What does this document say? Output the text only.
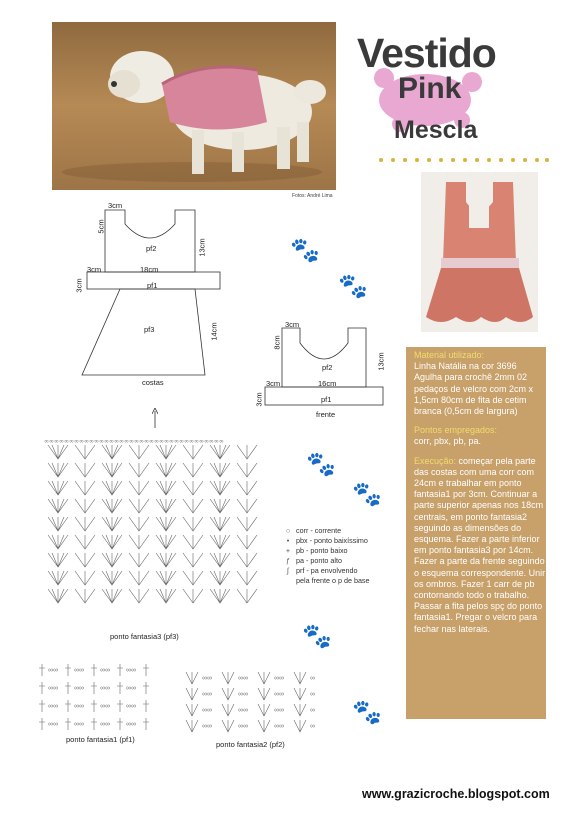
Fotos: André Lima
Vestido
Pink
Mescla
3cm
5cm
pf2	13cm
3cm	18cm
3cm	pf1
pf3	14cm
costas
3cm
8cm
pf2	13cm
3cm	16cm
3cm	pf1
frente
∞∞∞∞∞∞∞∞∞∞∞∞∞∞∞∞∞∞∞∞∞∞∞∞∞∞∞∞∞∞∞∞∞∞∞∞
ponto fantasia3 (pf3)
∞∞ ∞∞ ∞∞ ∞∞
ponto fantasia1 (pf1)
∞∞	∞∞	∞∞	∞
ponto fantasia2 (pf2)
○ corr - corrente
• pbx - ponto baixíssimo
+ pb - ponto baixo
ƒ pa - ponto alto
∫ prf - pa envolvendo
pela frente o p de base

Material utilizado:
Linha Natália na cor 3696 Agulha para crochê 2mm 02 pedaços de velcro com 2cm x 1,5cm 80cm de fita de cetim branca (0,5cm de largura)

Pontos empregados:
corr, pbx, pb, pa.

Execução: começar pela parte das costas com uma corr com 24cm e trabalhar em ponto fantasia1 por 3cm. Continuar a parte superior apenas nos 18cm centrais, em ponto fantasia2 seguindo as dimensões do esquema. Fazer a parte inferior em ponto fantasia3 por 14cm. Fazer a parte da frente seguindo o esquema correspondente. Unir os ombros. Fazer 1 carr de pb contornando todo o trabalho. Passar a fita pelos spç do ponto fantasia1. Pregar o velcro para fechar nas laterais.

🐾
🐾
🐾
🐾
🐾
🐾
www.grazicroche.blogspot.com
